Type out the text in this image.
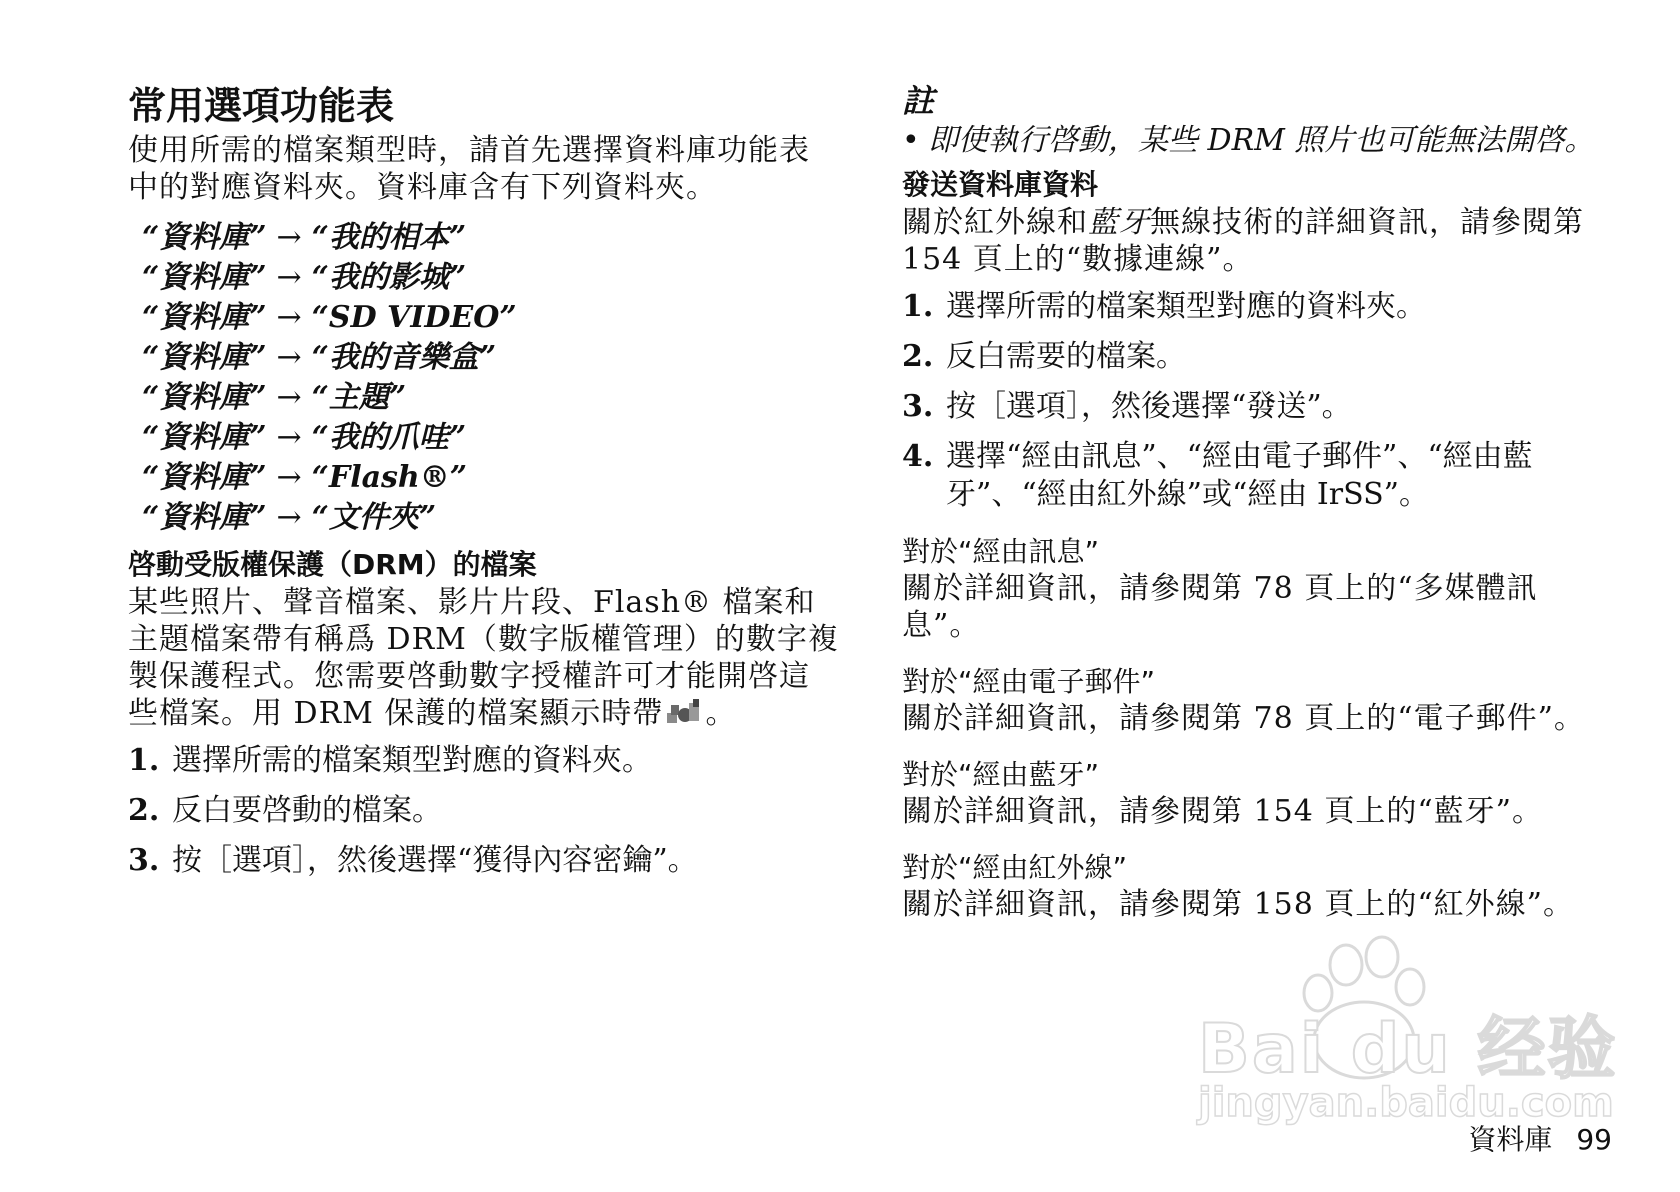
常用選項功能表

使用所需的檔案類型時，請首先選擇資料庫功能表中的對應資料夾。資料庫含有下列資料夾。

“資料庫” → “我的相本”
“資料庫” → “我的影城”
“資料庫” → “SD VIDEO”
“資料庫” → “我的音樂盒”
“資料庫” → “主題”
“資料庫” → “我的爪哇”
“資料庫” → “Flash®”
“資料庫” → “文件夾”
啓動受版權保護（DRM）的檔案

某些照片、聲音檔案、影片片段、Flash® 檔案和主題檔案帶有稱爲 DRM（數字版權管理）的數字複製保護程式。您需要啓動數字授權許可才能開啓這些檔案。用 DRM 保護的檔案顯示時帶 。

1. 選擇所需的檔案類型對應的資料夾。
2. 反白要啓動的檔案。
3. 按［選項］，然後選擇“獲得內容密鑰”。
註
• 即使執行啓動，某些 DRM 照片也可能無法開啓。
發送資料庫資料

關於紅外線和藍牙無線技術的詳細資訊，請參閱第 154 頁上的“數據連線”。

1. 選擇所需的檔案類型對應的資料夾。
2. 反白需要的檔案。
3. 按［選項］，然後選擇“發送”。
4. 選擇“經由訊息”、“經由電子郵件”、“經由藍牙”、“經由紅外線”或“經由 IrSS”。
對於“經由訊息”

關於詳細資訊，請參閱第 78 頁上的“多媒體訊息”。

對於“經由電子郵件”

關於詳細資訊，請參閱第 78 頁上的“電子郵件”。

對於“經由藍牙”

關於詳細資訊，請參閱第 154 頁上的“藍牙”。

對於“經由紅外線”

關於詳細資訊，請參閱第 158 頁上的“紅外線”。

Bai du 经验
jingyan.baidu.com
資料庫 99
